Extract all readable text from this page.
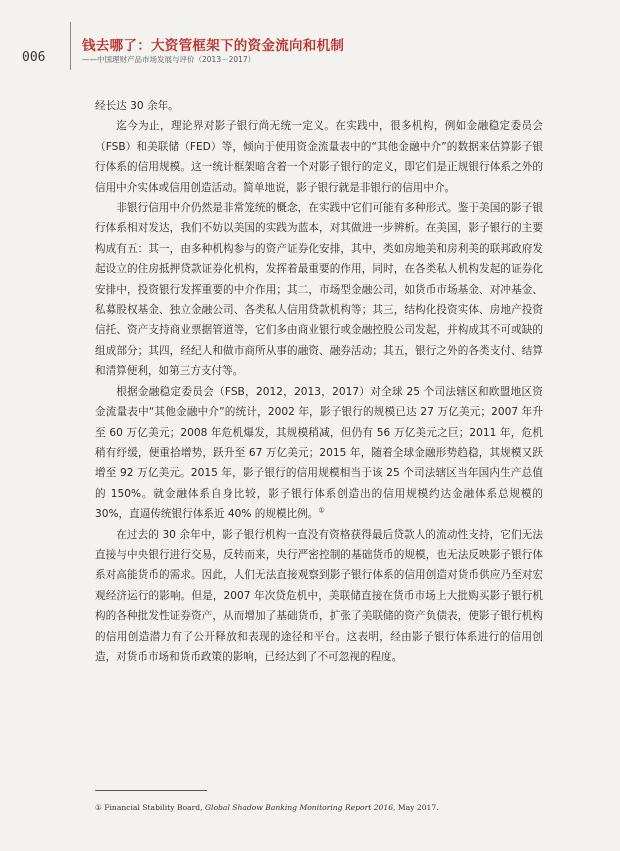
006
钱去哪了：大资管框架下的资金流向和机制
——中国理财产品市场发展与评价（2013－2017）

经长达 30 余年。

迄今为止，理论界对影子银行尚无统一定义。在实践中，很多机构，例如金融稳定委员会（FSB）和美联储（FED）等，倾向于使用资金流量表中的“其他金融中介”的数据来估算影子银行体系的信用规模。这一统计框架暗含着一个对影子银行的定义，即它们是正规银行体系之外的信用中介实体或信用创造活动。简单地说，影子银行就是非银行的信用中介。

非银行信用中介仍然是非常笼统的概念，在实践中它们可能有多种形式。鉴于美国的影子银行体系相对发达，我们不妨以美国的实践为蓝本，对其做进一步辨析。在美国，影子银行的主要构成有五：其一，由多种机构参与的资产证券化安排，其中，类如房地美和房利美的联邦政府发起设立的住房抵押贷款证券化机构，发挥着最重要的作用，同时，在各类私人机构发起的证券化安排中，投资银行发挥重要的中介作用；其二，市场型金融公司，如货币市场基金、对冲基金、私募股权基金、独立金融公司、各类私人信用贷款机构等；其三，结构化投资实体、房地产投资信托、资产支持商业票据管道等，它们多由商业银行或金融控股公司发起，并构成其不可或缺的组成部分；其四，经纪人和做市商所从事的融资、融券活动；其五，银行之外的各类支付、结算和清算便利，如第三方支付等。

根据金融稳定委员会（FSB，2012，2013，2017）对全球 25 个司法辖区和欧盟地区资金流量表中“其他金融中介”的统计，2002 年，影子银行的规模已达 27 万亿美元；2007 年升至 60 万亿美元；2008 年危机爆发，其规模稍减，但仍有 56 万亿美元之巨；2011 年，危机稍有纾缓，便重拾增势，跃升至 67 万亿美元；2015 年，随着全球金融形势趋稳，其规模又跃增至 92 万亿美元。2015 年，影子银行的信用规模相当于该 25 个司法辖区当年国内生产总值的 150%。就金融体系自身比较，影子银行体系创造出的信用规模约达金融体系总规模的 30%，直逼传统银行体系近 40% 的规模比例。①

在过去的 30 余年中，影子银行机构一直没有资格获得最后贷款人的流动性支持，它们无法直接与中央银行进行交易，反转而来，央行严密控制的基础货币的规模，也无法反映影子银行体系对高能货币的需求。因此，人们无法直接观察到影子银行体系的信用创造对货币供应乃至对宏观经济运行的影响。但是，2007 年次贷危机中，美联储直接在货币市场上大批购买影子银行机构的各种批发性证券资产，从而增加了基础货币，扩张了美联储的资产负债表，使影子银行机构的信用创造潜力有了公开释放和表现的途径和平台。这表明，经由影子银行体系进行的信用创造，对货币市场和货币政策的影响，已经达到了不可忽视的程度。

① Financial Stability Board, Global Shadow Banking Monitoring Report 2016, May 2017.
